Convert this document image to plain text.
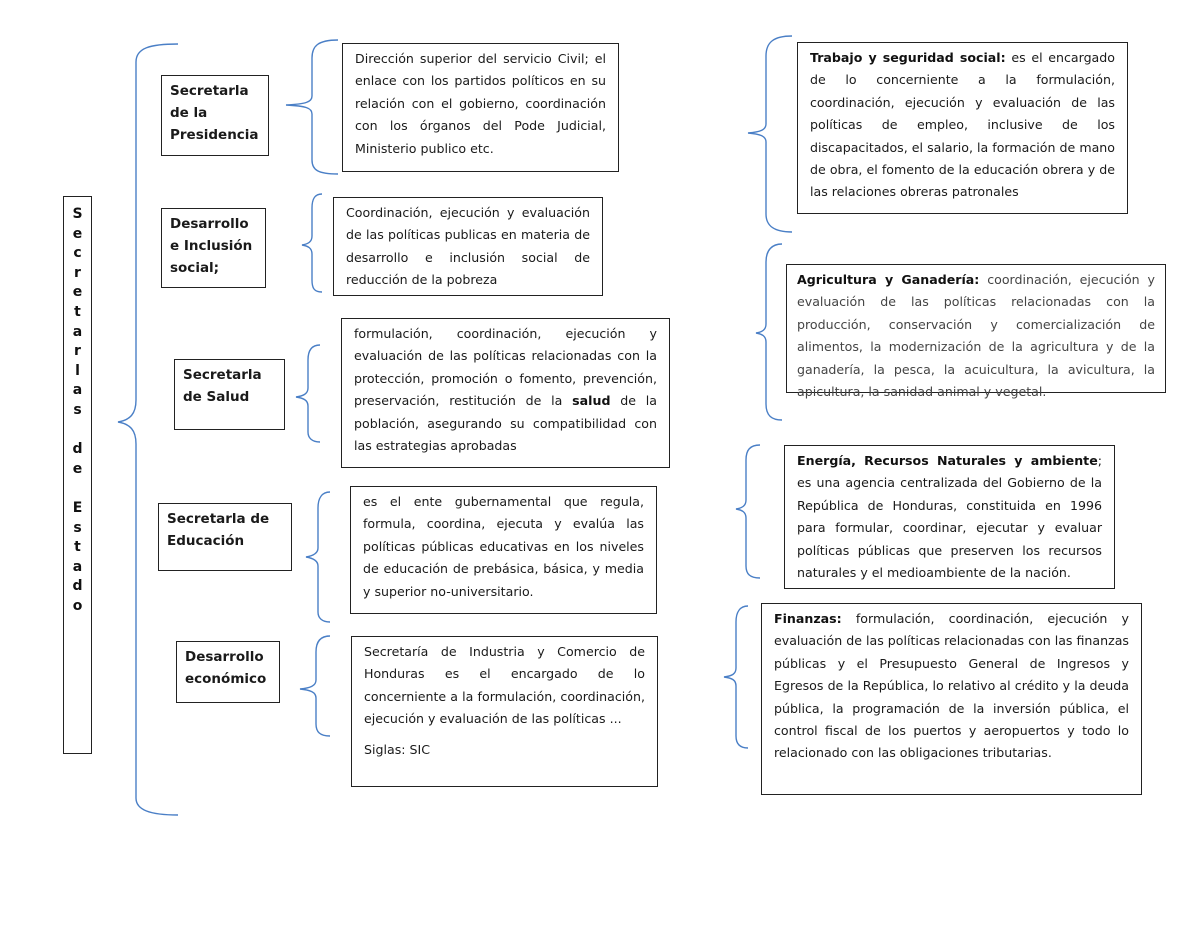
S
e
c
r
e
t
a
r
l
a
s

d
e

E
s
t
a
d
o
Secretarla de la Presidencia
Desarrollo e Inclusión social;
Secretarla de Salud
Secretarla de Educación
Desarrollo económico
Dirección superior del servicio Civil; el enlace con los partidos políticos en su relación con el gobierno, coordinación con los órganos del Pode Judicial, Ministerio publico etc.
Coordinación, ejecución y evaluación de las políticas publicas en materia de desarrollo e inclusión social de reducción de la pobreza
formulación, coordinación, ejecución y evaluación de las políticas relacionadas con la protección, promoción o fomento, prevención, preservación, restitución de la salud de la población, asegurando su compatibilidad con las estrategias aprobadas
es el ente gubernamental que regula, formula, coordina, ejecuta y evalúa las políticas públicas educativas en los niveles de educación de prebásica, básica, y media y superior no-universitario.

Secretaría de Industria y Comercio de Honduras es el encargado de lo concerniente a la formulación, coordinación, ejecución y evaluación de las políticas ...

Siglas: SIC

Trabajo y seguridad social: es el encargado de lo concerniente a la formulación, coordinación, ejecución y evaluación de las políticas de empleo, inclusive de los discapacitados, el salario, la formación de mano de obra, el fomento de la educación obrera y de las relaciones obreras patronales
Agricultura y Ganadería: coordinación, ejecución y evaluación de las políticas relacionadas con la producción, conservación y comercialización de alimentos, la modernización de la agricultura y de la ganadería, la pesca, la acuicultura, la avicultura, la apicultura, la sanidad animal y vegetal.
Energía, Recursos Naturales y ambiente; es una agencia centralizada del Gobierno de la República de Honduras, constituida en 1996 para formular, coordinar, ejecutar y evaluar políticas públicas que preserven los recursos naturales y el medioambiente de la nación.
Finanzas: formulación, coordinación, ejecución y evaluación de las políticas relacionadas con las finanzas públicas y el Presupuesto General de Ingresos y Egresos de la República, lo relativo al crédito y la deuda pública, la programación de la inversión pública, el control fiscal de los puertos y aeropuertos y todo lo relacionado con las obligaciones tributarias.
